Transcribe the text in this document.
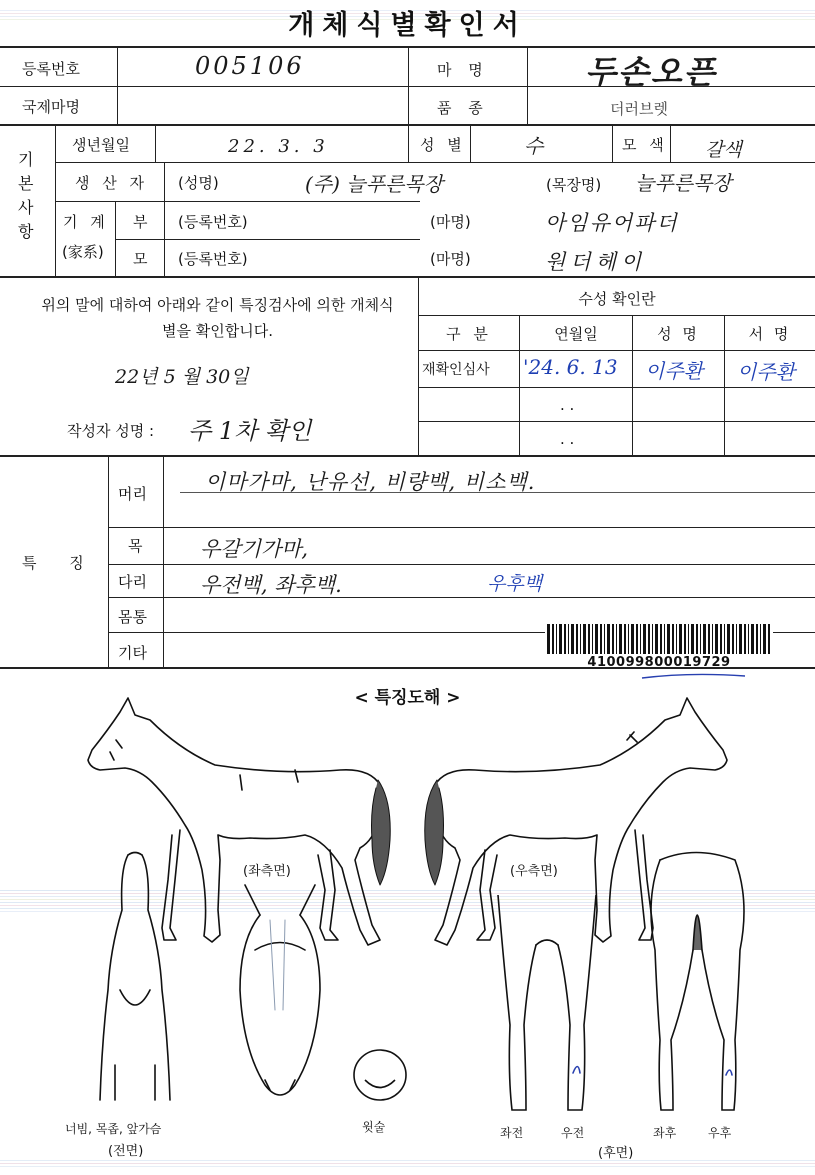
개체식별확인서
등록번호	005106	마 명	두손오픈
국제마명	품 종	더러브렛
기본사항
생년월일	22. 3. 3	성 별	수	모 색 갈색
생 산 자 (성명)	(주) 늘푸른목장	(목장명) 늘푸른목장
기 계
(家系)
부 (등록번호)	(마명)	아임유어파더
모 (등록번호)	(마명)	원더헤이
위의 말에 대하여 아래와 같이 특징검사에 의한 개체식별을 확인합니다.
22년 5 월 30일
작성자 성명 : 주 1차 확인
수성 확인란
구 분	연월일	성 명	서 명
재확인심사 '24. 6. 13 이주환 이주환
. .
. .
특 징
머리	이마가마, 난유선, 비량백, 비소백.
목	우갈기가마,
다리	우전백, 좌후백.	우후백
몸통
기타
410099800019729
< 특징도해 >
(좌측면)	(우측면)
윗술	좌전	우전	좌후	우후
너빔, 목좁, 앞가슴
(전면)	(후면)
